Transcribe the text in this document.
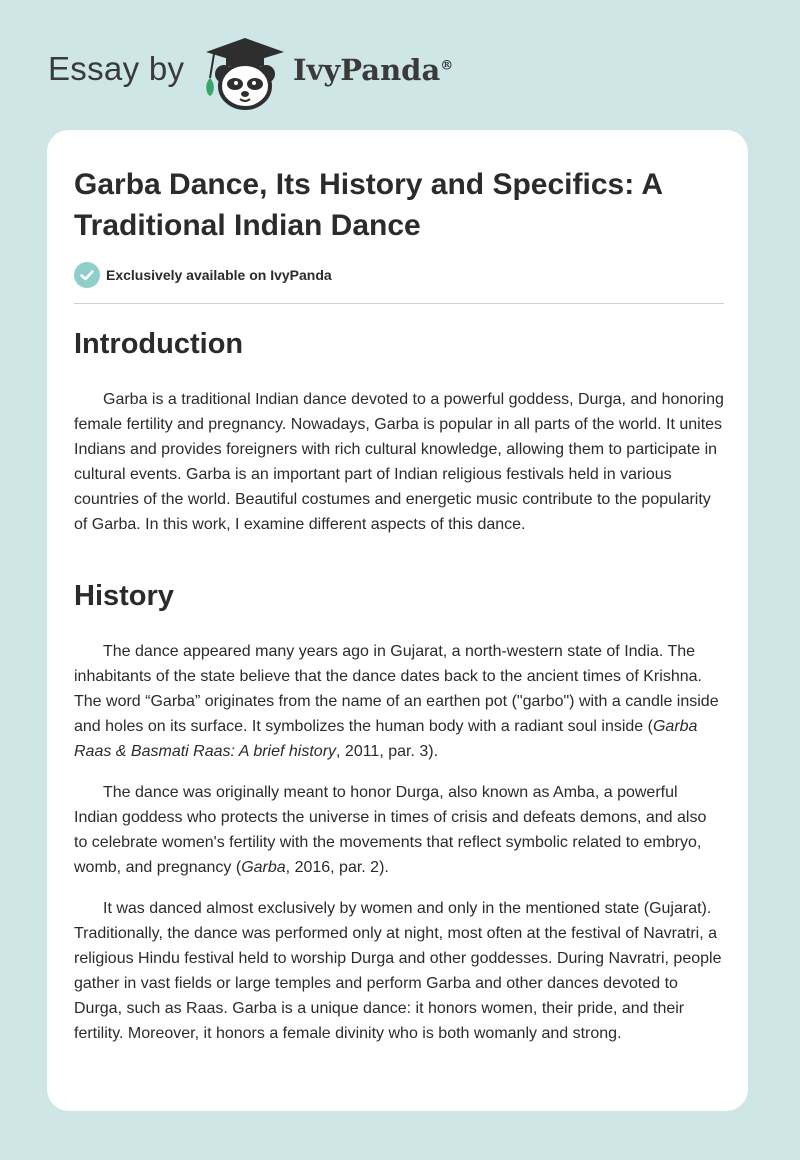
Essay by	IvyPanda®
Garba Dance, Its History and Specifics: A Traditional Indian Dance
Exclusively available on IvyPanda
Introduction

Garba is a traditional Indian dance devoted to a powerful goddess, Durga, and honoring female fertility and pregnancy. Nowadays, Garba is popular in all parts of the world. It unites Indians and provides foreigners with rich cultural knowledge, allowing them to participate in cultural events. Garba is an important part of Indian religious festivals held in various countries of the world. Beautiful costumes and energetic music contribute to the popularity of Garba. In this work, I examine different aspects of this dance.

History

The dance appeared many years ago in Gujarat, a north-western state of India. The inhabitants of the state believe that the dance dates back to the ancient times of Krishna. The word “Garba” originates from the name of an earthen pot ("garbo") with a candle inside and holes on its surface. It symbolizes the human body with a radiant soul inside (Garba Raas & Basmati Raas: A brief history, 2011, par. 3).

The dance was originally meant to honor Durga, also known as Amba, a powerful Indian goddess who protects the universe in times of crisis and defeats demons, and also to celebrate women's fertility with the movements that reflect symbolic related to embryo, womb, and pregnancy (Garba, 2016, par. 2).

It was danced almost exclusively by women and only in the mentioned state (Gujarat). Traditionally, the dance was performed only at night, most often at the festival of Navratri, a religious Hindu festival held to worship Durga and other goddesses. During Navratri, people gather in vast fields or large temples and perform Garba and other dances devoted to Durga, such as Raas. Garba is a unique dance: it honors women, their pride, and their fertility. Moreover, it honors a female divinity who is both womanly and strong.
